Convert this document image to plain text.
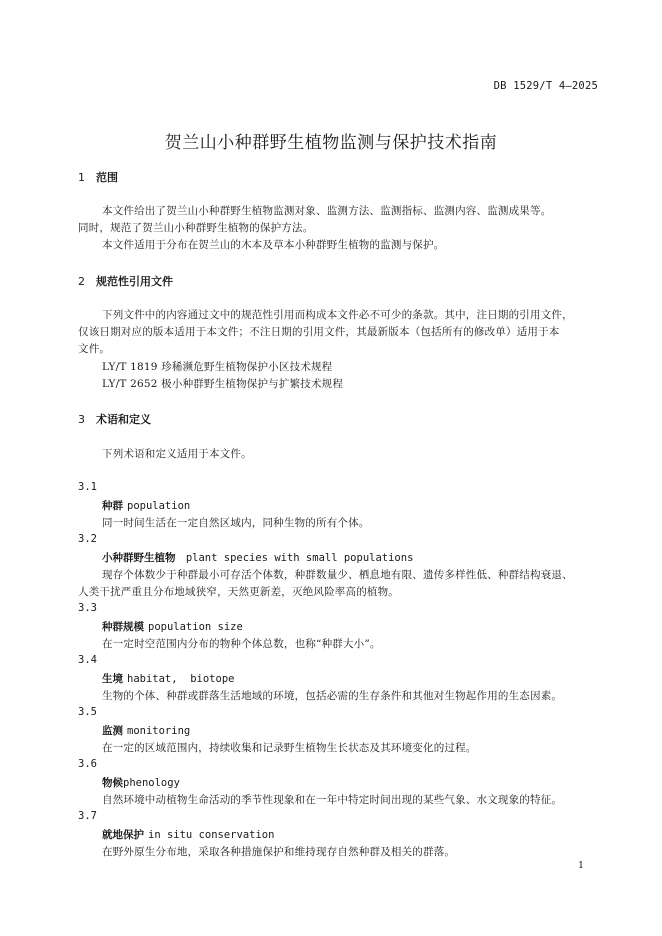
DB 1529/T 4—2025
贺兰山小种群野生植物监测与保护技术指南
1 范围
本文件给出了贺兰山小种群野生植物监测对象、监测方法、监测指标、监测内容、监测成果等。
同时，规范了贺兰山小种群野生植物的保护方法。
本文件适用于分布在贺兰山的木本及草本小种群野生植物的监测与保护。
2 规范性引用文件
下列文件中的内容通过文中的规范性引用而构成本文件必不可少的条款。其中，注日期的引用文件，
仅该日期对应的版本适用于本文件；不注日期的引用文件，其最新版本（包括所有的修改单）适用于本
文件。
LY/T 1819 珍稀濒危野生植物保护小区技术规程
LY/T 2652 极小种群野生植物保护与扩繁技术规程
3 术语和定义
下列术语和定义适用于本文件。
3.1
种群 population
同一时间生活在一定自然区域内，同种生物的所有个体。
3.2
小种群野生植物 plant species with small populations
现存个体数少于种群最小可存活个体数，种群数量少、栖息地有限、遗传多样性低、种群结构衰退、
人类干扰严重且分布地域狭窄，天然更新差，灭绝风险率高的植物。
3.3
种群规模 population size
在一定时空范围内分布的物种个体总数，也称“种群大小”。
3.4
生境 habitat,  biotope
生物的个体、种群或群落生活地域的环境，包括必需的生存条件和其他对生物起作用的生态因素。
3.5
监测 monitoring
在一定的区域范围内，持续收集和记录野生植物生长状态及其环境变化的过程。
3.6
物候phenology
自然环境中动植物生命活动的季节性现象和在一年中特定时间出现的某些气象、水文现象的特征。
3.7
就地保护 in situ conservation
在野外原生分布地，采取各种措施保护和维持现存自然种群及相关的群落。
1
